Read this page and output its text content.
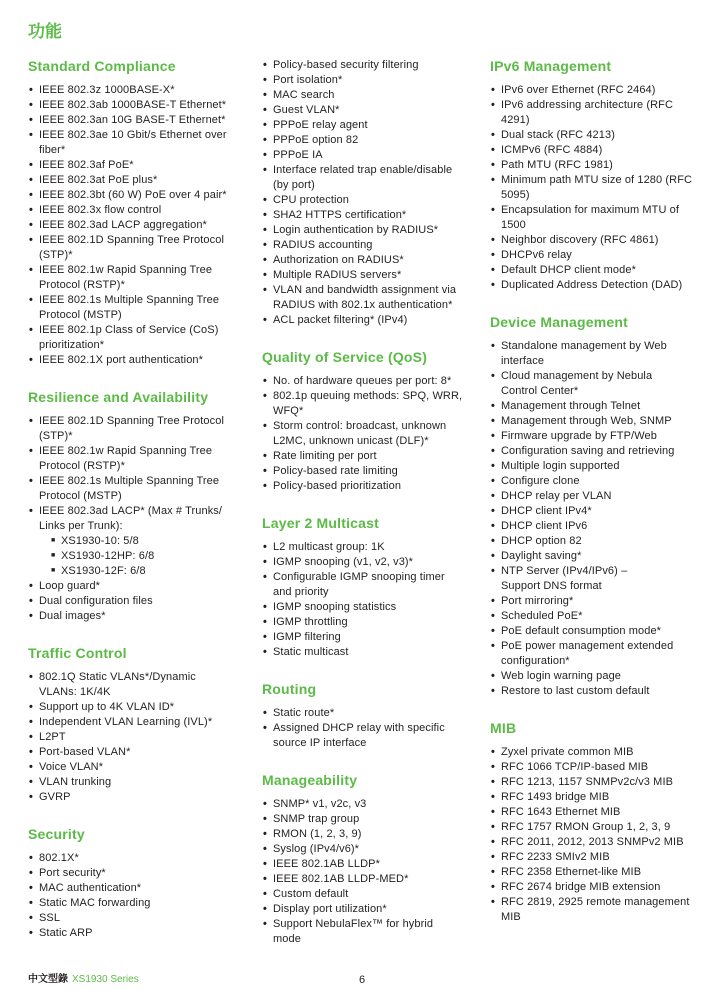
功能
Standard Compliance
• IEEE 802.3z 1000BASE-X*
• IEEE 802.3ab 1000BASE-T Ethernet*
• IEEE 802.3an 10G BASE-T Ethernet*
• IEEE 802.3ae 10 Gbit/s Ethernet over
fiber*
• IEEE 802.3af PoE*
• IEEE 802.3at PoE plus*
• IEEE 802.3bt (60 W) PoE over 4 pair*
• IEEE 802.3x flow control
• IEEE 802.3ad LACP aggregation*
• IEEE 802.1D Spanning Tree Protocol
(STP)*
• IEEE 802.1w Rapid Spanning Tree
Protocol (RSTP)*
• IEEE 802.1s Multiple Spanning Tree
Protocol (MSTP)
• IEEE 802.1p Class of Service (CoS)
prioritization*
• IEEE 802.1X port authentication*
Resilience and Availability
• IEEE 802.1D Spanning Tree Protocol
(STP)*
• IEEE 802.1w Rapid Spanning Tree
Protocol (RSTP)*
• IEEE 802.1s Multiple Spanning Tree
Protocol (MSTP)
• IEEE 802.3ad LACP* (Max # Trunks/
Links per Trunk):
■ XS1930-10: 5/8
■ XS1930-12HP: 6/8
■ XS1930-12F: 6/8
• Loop guard*
• Dual configuration files
• Dual images*
Traffic Control
• 802.1Q Static VLANs*/Dynamic
VLANs: 1K/4K
• Support up to 4K VLAN ID*
• Independent VLAN Learning (IVL)*
• L2PT
• Port-based VLAN*
• Voice VLAN*
• VLAN trunking
• GVRP
Security
• 802.1X*
• Port security*
• MAC authentication*
• Static MAC forwarding
• SSL
• Static ARP
• Policy-based security filtering
• Port isolation*
• MAC search
• Guest VLAN*
• PPPoE relay agent
• PPPoE option 82
• PPPoE IA
• Interface related trap enable/disable
(by port)
• CPU protection
• SHA2 HTTPS certification*
• Login authentication by RADIUS*
• RADIUS accounting
• Authorization on RADIUS*
• Multiple RADIUS servers*
• VLAN and bandwidth assignment via
RADIUS with 802.1x authentication*
• ACL packet filtering* (IPv4)
Quality of Service (QoS)
• No. of hardware queues per port: 8*
• 802.1p queuing methods: SPQ, WRR,
WFQ*
• Storm control: broadcast, unknown
L2MC, unknown unicast (DLF)*
• Rate limiting per port
• Policy-based rate limiting
• Policy-based prioritization
Layer 2 Multicast
• L2 multicast group: 1K
• IGMP snooping (v1, v2, v3)*
• Configurable IGMP snooping timer
and priority
• IGMP snooping statistics
• IGMP throttling
• IGMP filtering
• Static multicast
Routing
• Static route*
• Assigned DHCP relay with specific
source IP interface
Manageability
• SNMP* v1, v2c, v3
• SNMP trap group
• RMON (1, 2, 3, 9)
• Syslog (IPv4/v6)*
• IEEE 802.1AB LLDP*
• IEEE 802.1AB LLDP-MED*
• Custom default
• Display port utilization*
• Support NebulaFlex™ for hybrid
mode
IPv6 Management
• IPv6 over Ethernet (RFC 2464)
• IPv6 addressing architecture (RFC
4291)
• Dual stack (RFC 4213)
• ICMPv6 (RFC 4884)
• Path MTU (RFC 1981)
• Minimum path MTU size of 1280 (RFC
5095)
• Encapsulation for maximum MTU of
1500
• Neighbor discovery (RFC 4861)
• DHCPv6 relay
• Default DHCP client mode*
• Duplicated Address Detection (DAD)
Device Management
• Standalone management by Web
interface
• Cloud management by Nebula
Control Center*
• Management through Telnet
• Management through Web, SNMP
• Firmware upgrade by FTP/Web
• Configuration saving and retrieving
• Multiple login supported
• Configure clone
• DHCP relay per VLAN
• DHCP client IPv4*
• DHCP client IPv6
• DHCP option 82
• Daylight saving*
• NTP Server (IPv4/IPv6) –
Support DNS format
• Port mirroring*
• Scheduled PoE*
• PoE default consumption mode*
• PoE power management extended
configuration*
• Web login warning page
• Restore to last custom default
MIB
• Zyxel private common MIB
• RFC 1066 TCP/IP-based MIB
• RFC 1213, 1157 SNMPv2c/v3 MIB
• RFC 1493 bridge MIB
• RFC 1643 Ethernet MIB
• RFC 1757 RMON Group 1, 2, 3, 9
• RFC 2011, 2012, 2013 SNMPv2 MIB
• RFC 2233 SMIv2 MIB
• RFC 2358 Ethernet-like MIB
• RFC 2674 bridge MIB extension
• RFC 2819, 2925 remote management
MIB
中文型錄 XS1930 Series	6
